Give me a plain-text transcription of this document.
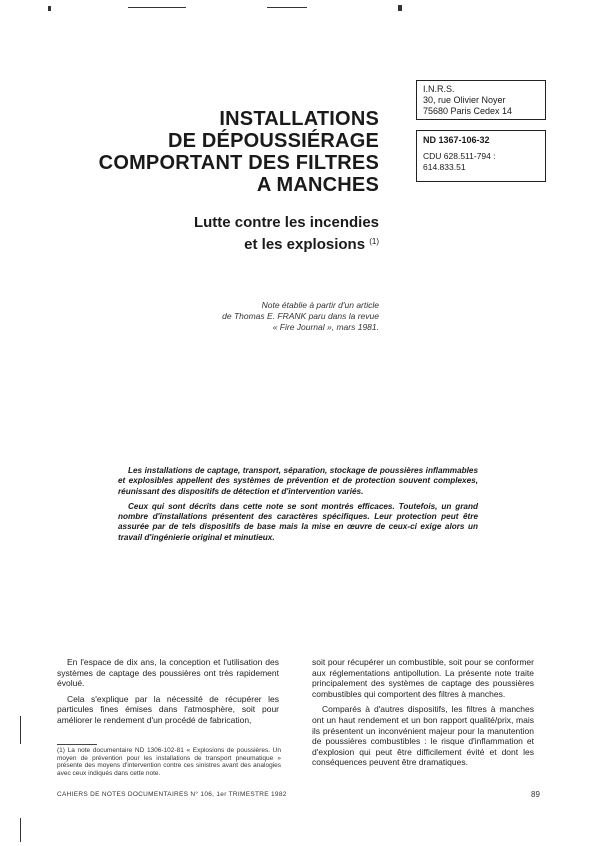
I.N.R.S.
30, rue Olivier Noyer
75680 Paris Cedex 14
ND 1367-106-32
CDU 628.511-794 :
614.833.51
INSTALLATIONS
DE DÉPOUSSIÉRAGE
COMPORTANT DES FILTRES
A MANCHES
Lutte contre les incendies
et les explosions $^{(1)}$
Note établie à partir d'un article
de Thomas E. FRANK paru dans la revue
« Fire Journal », mars 1981.

Les installations de captage, transport, séparation, stockage de poussières inflammables et explosibles appellent des systèmes de prévention et de protection souvent complexes, réunissant des dispositifs de détection et d'intervention variés.

Ceux qui sont décrits dans cette note se sont montrés efficaces. Toutefois, un grand nombre d'installations présentent des caractères spécifiques. Leur protection peut être assurée par de tels dispositifs de base mais la mise en œuvre de ceux-ci exige alors un travail d'ingénierie original et minutieux.

En l'espace de dix ans, la conception et l'utilisation des systèmes de captage des poussières ont très rapidement évolué.

Cela s'explique par la nécessité de récupérer les particules fines émises dans l'atmosphère, soit pour améliorer le rendement d'un procédé de fabrication,

soit pour récupérer un combustible, soit pour se conformer aux réglementations antipollution. La présente note traite principalement des systèmes de captage des poussières combustibles qui comportent des filtres à manches.

Comparés à d'autres dispositifs, les filtres à manches ont un haut rendement et un bon rapport qualité/prix, mais ils présentent un inconvénient majeur pour la manutention de poussières combustibles : le risque d'inflammation et d'explosion qui peut être difficilement évité et dont les conséquences peuvent être dramatiques.

(1) La note documentaire ND 1306-102-81 « Explosions de poussières. Un moyen de prévention pour les installations de transport pneumatique » présente des moyens d'intervention contre ces sinistres avant des analogies avec ceux indiqués dans cette note.
CAHIERS DE NOTES DOCUMENTAIRES N° 106, 1er TRIMESTRE 1982	89
